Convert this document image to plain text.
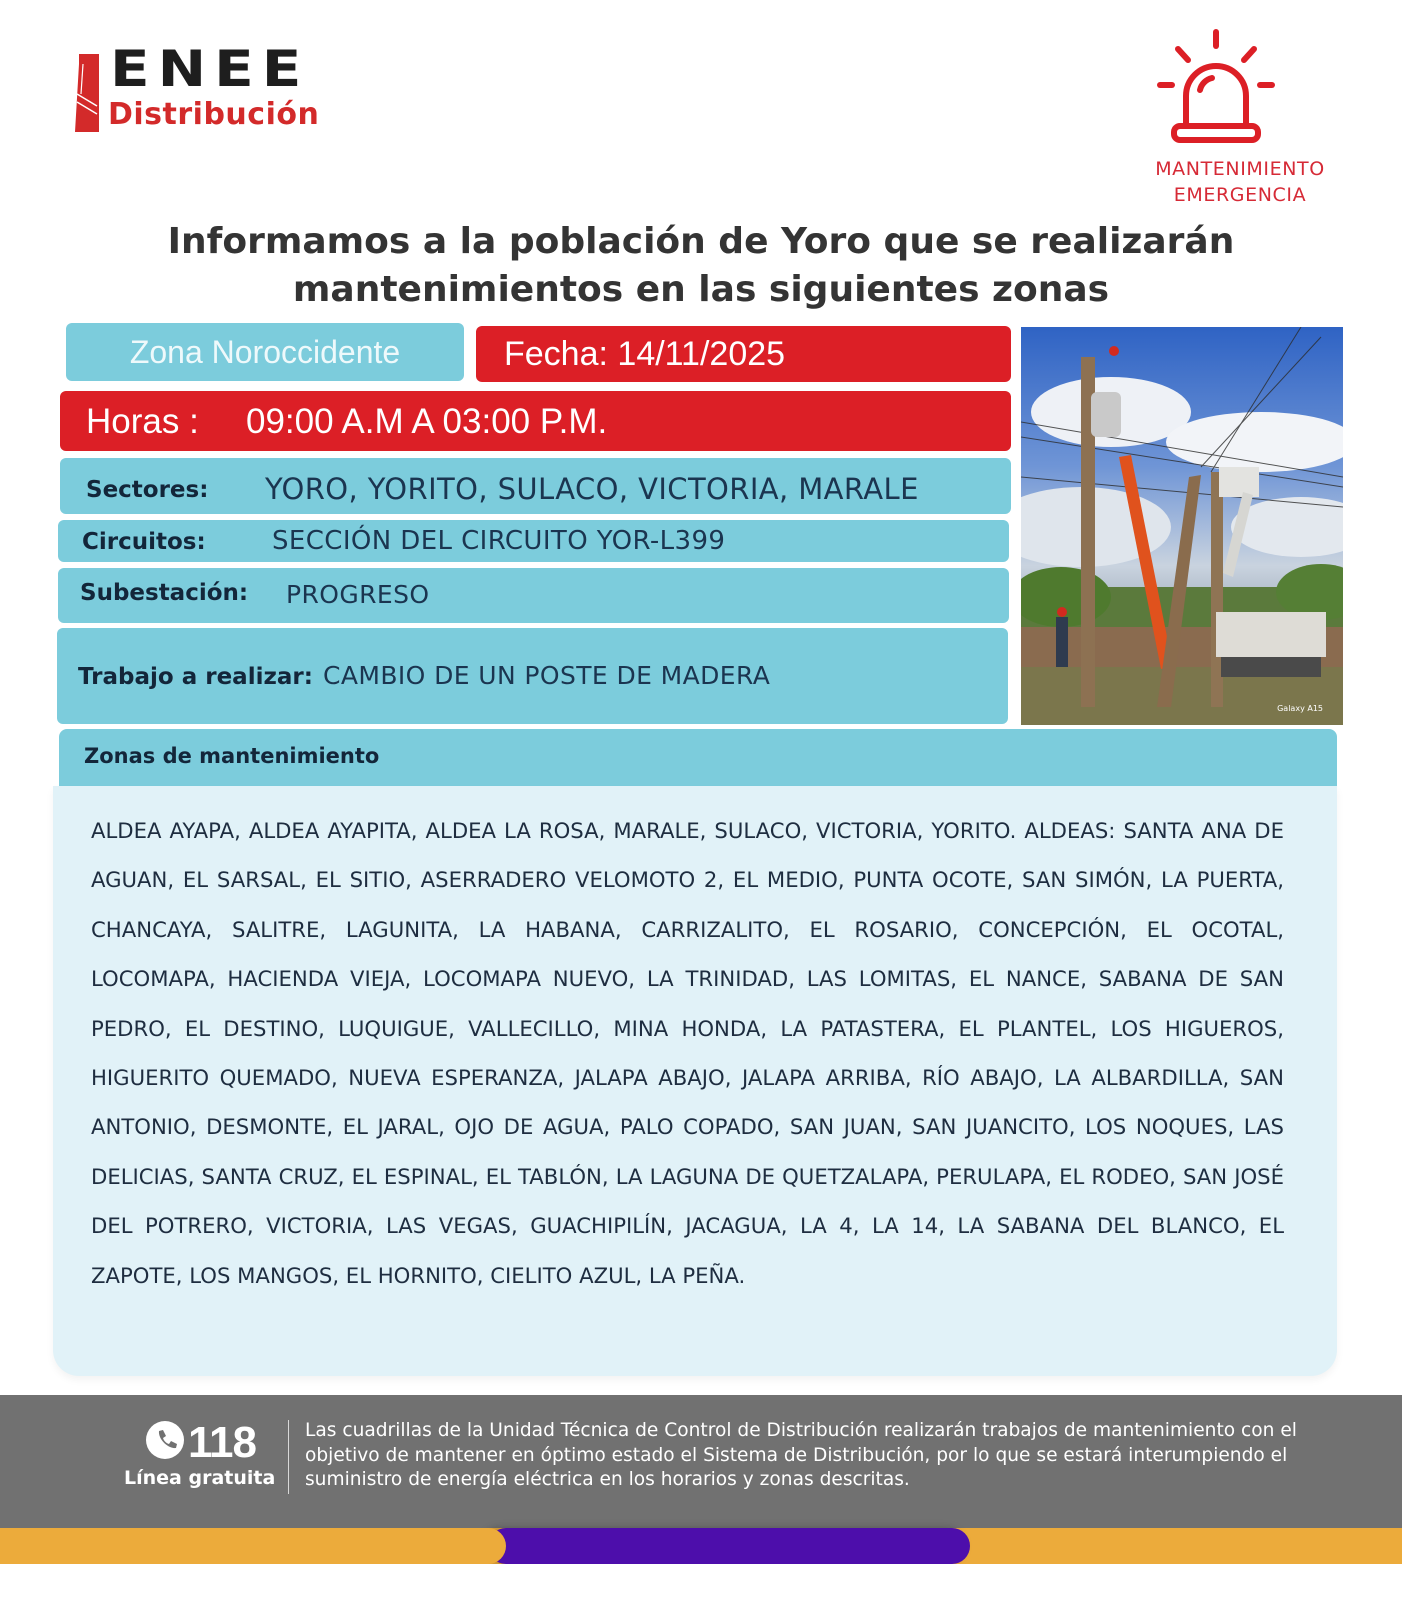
ENEE
Distribución
MANTENIMIENTO
EMERGENCIA
Informamos a la población de Yoro que se realizarán
mantenimientos en las siguientes zonas
Zona Noroccidente	Fecha: 14/11/2025
Horas : 09:00 A.M A 03:00 P.M.
Sectores: YORO, YORITO, SULACO, VICTORIA, MARALE
Circuitos:	SECCIÓN DEL CIRCUITO YOR-L399
Subestación: PROGRESO
Trabajo a realizar: CAMBIO DE UN POSTE DE MADERA
Galaxy A15
Zonas de mantenimiento
ALDEA AYAPA, ALDEA AYAPITA, ALDEA LA ROSA, MARALE, SULACO, VICTORIA, YORITO. ALDEAS: SANTA ANA DE AGUAN, EL SARSAL, EL SITIO, ASERRADERO VELOMOTO 2, EL MEDIO, PUNTA OCOTE, SAN SIMÓN, LA PUERTA, CHANCAYA, SALITRE, LAGUNITA, LA HABANA, CARRIZALITO, EL ROSARIO, CONCEPCIÓN, EL OCOTAL, LOCOMAPA, HACIENDA VIEJA, LOCOMAPA NUEVO, LA TRINIDAD, LAS LOMITAS, EL NANCE, SABANA DE SAN PEDRO, EL DESTINO, LUQUIGUE, VALLECILLO, MINA HONDA, LA PATASTERA, EL PLANTEL, LOS HIGUEROS, HIGUERITO QUEMADO, NUEVA ESPERANZA, JALAPA ABAJO, JALAPA ARRIBA, RÍO ABAJO, LA ALBARDILLA, SAN ANTONIO, DESMONTE, EL JARAL, OJO DE AGUA, PALO COPADO, SAN JUAN, SAN JUANCITO, LOS NOQUES, LAS DELICIAS, SANTA CRUZ, EL ESPINAL, EL TABLÓN, LA LAGUNA DE QUETZALAPA, PERULAPA, EL RODEO, SAN JOSÉ DEL POTRERO, VICTORIA, LAS VEGAS, GUACHIPILÍN, JACAGUA, LA 4, LA 14, LA SABANA DEL BLANCO, EL ZAPOTE, LOS MANGOS, EL HORNITO, CIELITO AZUL, LA PEÑA.
118
Línea gratuita
Las cuadrillas de la Unidad Técnica de Control de Distribución realizarán trabajos de mantenimiento con el objetivo de mantener en óptimo estado el Sistema de Distribución, por lo que se estará interumpiendo el suministro de energía eléctrica en los horarios y zonas descritas.
